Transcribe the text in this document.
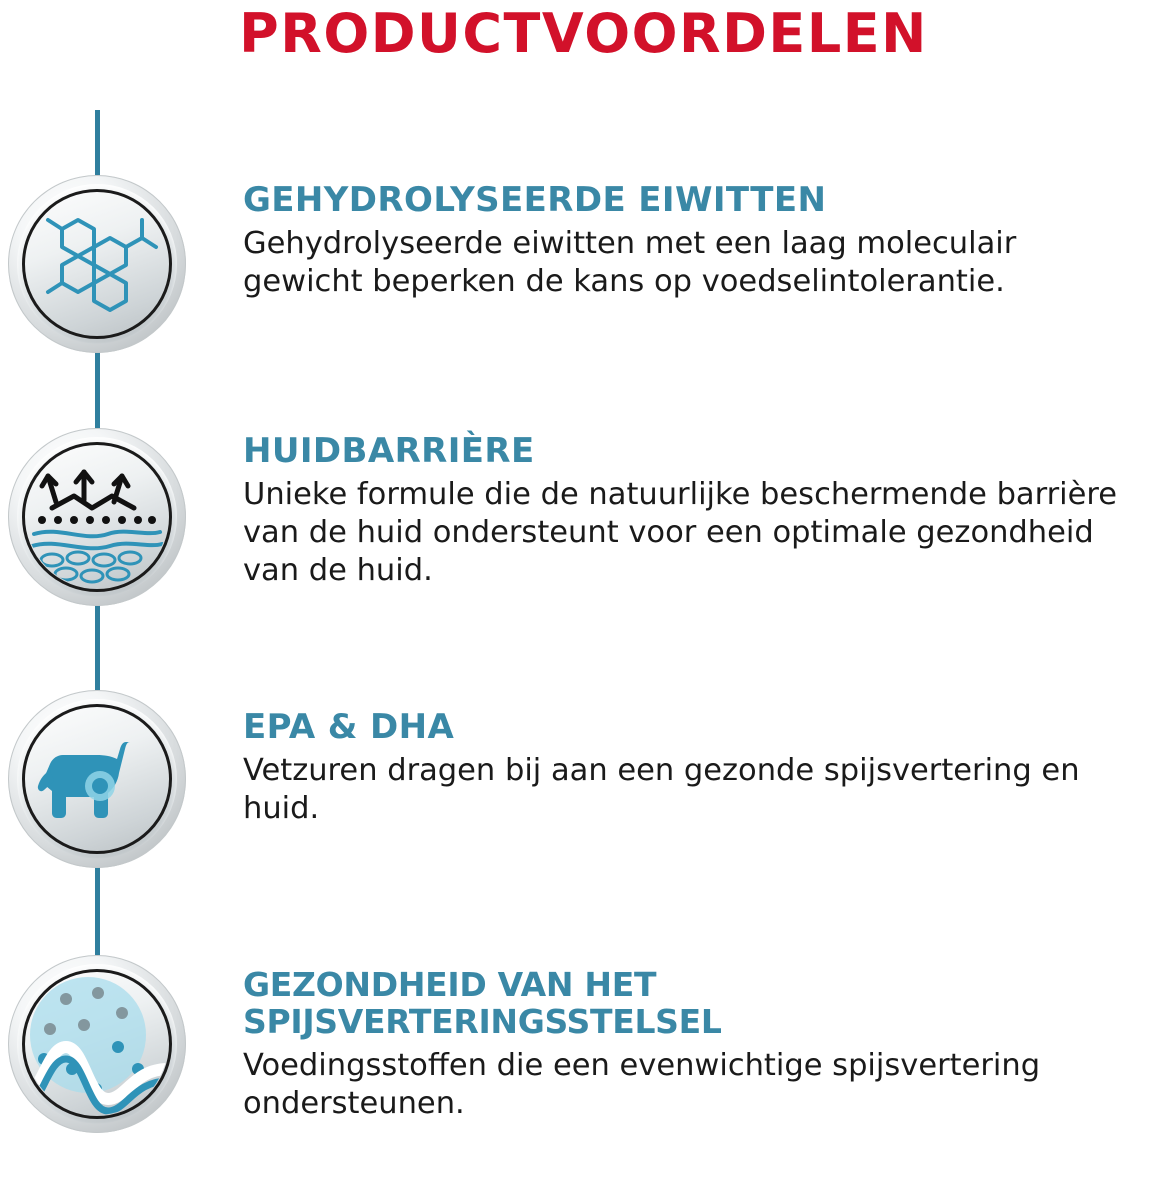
PRODUCTVOORDELEN

GEHYDROLYSEERDE EIWITTEN

Gehydrolyseerde eiwitten met een laag moleculair gewicht beperken de kans op voedselintolerantie.

HUIDBARRIÈRE

Unieke formule die de natuurlijke beschermende barrière van de huid ondersteunt voor een optimale gezondheid van de huid.

EPA & DHA

Vetzuren dragen bij aan een gezonde spijsvertering en huid.

GEZONDHEID VAN HET SPIJSVERTERINGSSTELSEL

Voedingsstoffen die een evenwichtige spijsvertering ondersteunen.
